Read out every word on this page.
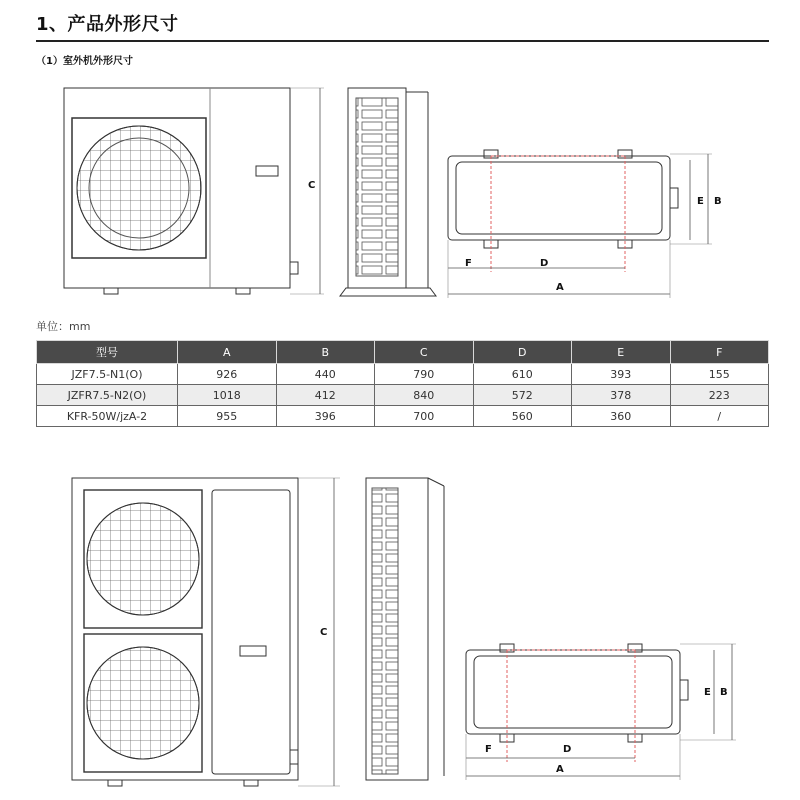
1、产品外形尺寸
（1）室外机外形尺寸
C
E B
F	D
A
C
E B
F	D
A
单位：mm
型号	A	B	C	D	E	F
JZF7.5-N1(O)	926	440	790	610	393	155
JZFR7.5-N2(O)	1018	412	840	572	378	223
KFR-50W/jzA-2	955	396	700	560	360	/
